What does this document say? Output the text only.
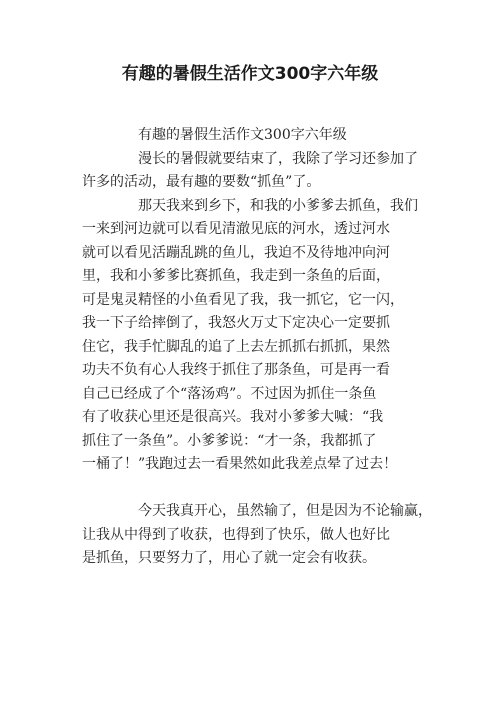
有趣的暑假生活作文300字六年级
有趣的暑假生活作文300字六年级
漫长的暑假就要结束了，我除了学习还参加了
许多的活动，最有趣的要数“抓鱼”了。
那天我来到乡下，和我的小爹爹去抓鱼，我们
一来到河边就可以看见清澈见底的河水，透过河水
就可以看见活蹦乱跳的鱼儿，我迫不及待地冲向河
里，我和小爹爹比赛抓鱼，我走到一条鱼的后面，
可是鬼灵精怪的小鱼看见了我，我一抓它，它一闪，
我一下子给摔倒了，我怒火万丈下定决心一定要抓
住它，我手忙脚乱的追了上去左抓抓右抓抓，果然
功夫不负有心人我终于抓住了那条鱼，可是再一看
自己已经成了个“落汤鸡”。不过因为抓住一条鱼
有了收获心里还是很高兴。我对小爹爹大喊：“我
抓住了一条鱼”。小爹爹说：“才一条，我都抓了
一桶了！”我跑过去一看果然如此我差点晕了过去！
今天我真开心，虽然输了，但是因为不论输赢，
让我从中得到了收获，也得到了快乐，做人也好比
是抓鱼，只要努力了，用心了就一定会有收获。
